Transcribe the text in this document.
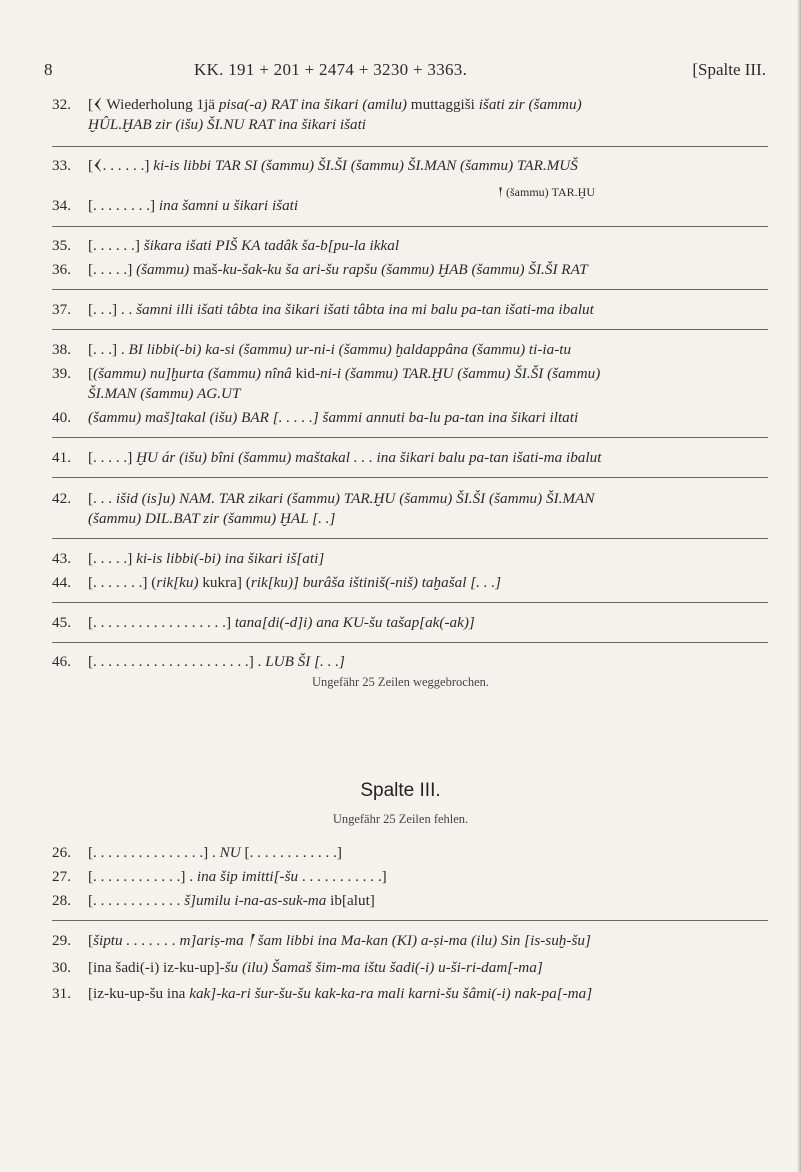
8	KK. 191 + 201 + 2474 + 3230 + 3363.	[Spalte III.
32. [𒌋 Wiederholung 1jä pisa(-a) RAT ina šikari (amilu) muttaggiši išati zir (šammu)
ḪÛL.ḪAB zir (išu) ŠI.NU RAT ina šikari išati
33. [𒌋. . . . . .] ki-is libbi TAR SI (šammu) ŠI.ŠI (šammu) ŠI.MAN (šammu) TAR.MUŠ
𒁹 (šammu) TAR.ḪU
34. [. . . . . . . .] ina šamni u šikari išati
35. [. . . . . .] šikara išati PIŠ KA tadâk ša-b[pu-la ikkal
36. [. . . . .] (šammu) maš-ku-šak-ku ša ari-šu rapšu (šammu) ḪAB (šammu) ŠI.ŠI RAT
37. [. . .] . . šamni illi išati tâbta ina šikari išati tâbta ina mi balu pa-tan išati-ma ibalut
38. [. . .] . BI libbi(-bi) ka-si (šammu) ur-ni-i (šammu) ḫaldappâna (šammu) ti-ia-tu
39. [(šammu) nu]ḫurta (šammu) nînâ kid-ni-i (šammu) TAR.ḪU (šammu) ŠI.ŠI (šammu)
ŠI.MAN (šammu) AG.UT
40. (šammu) maš]takal (išu) BAR [. . . . .] šammi annuti ba-lu pa-tan ina šikari iltati
41. [. . . . .] ḪU ár (išu) bîni (šammu) maštakal . . . ina šikari balu pa-tan išati-ma ibalut
42. [. . . išid (is]u) NAM. TAR zikari (šammu) TAR.ḪU (šammu) ŠI.ŠI (šammu) ŠI.MAN
(šammu) DIL.BAT zir (šammu) ḪAL [. .]
43. [. . . . .] ki-is libbi(-bi) ina šikari iš[ati]
44. [. . . . . . .] (rik[ku) kukra] (rik[ku)] burâša ištiniš(-niš) taḫašal [. . .]
45. [. . . . . . . . . . . . . . . . . .] tana[di(-d]i) ana KU-šu tašap[ak(-ak)]
46. [. . . . . . . . . . . . . . . . . . . . .] . LUB ŠI [. . .]
Ungefähr 25 Zeilen weggebrochen.
Spalte III.
Ungefähr 25 Zeilen fehlen.
26. [. . . . . . . . . . . . . . .] . NU [. . . . . . . . . . . .]
27. [. . . . . . . . . . . .] . ina šip imitti[-šu . . . . . . . . . . .]
28. [. . . . . . . . . . . . š]umilu i-na-as-suk-ma ib[alut]
29. [šiptu . . . . . . . m]ariṣ-ma 𒁹 šam libbi ina Ma-kan (KI) a-ṣi-ma (ilu) Sin [is-suḫ-šu]
30. [ina šadi(-i) iz-ku-up]-šu (ilu) Šamaš šim-ma ištu šadi(-i) u-ši-ri-dam[-ma]
31. [iz-ku-up-šu ina kak]-ka-ri šur-šu-šu kak-ka-ra mali karni-šu šâmi(-i) nak-pa[-ma]
